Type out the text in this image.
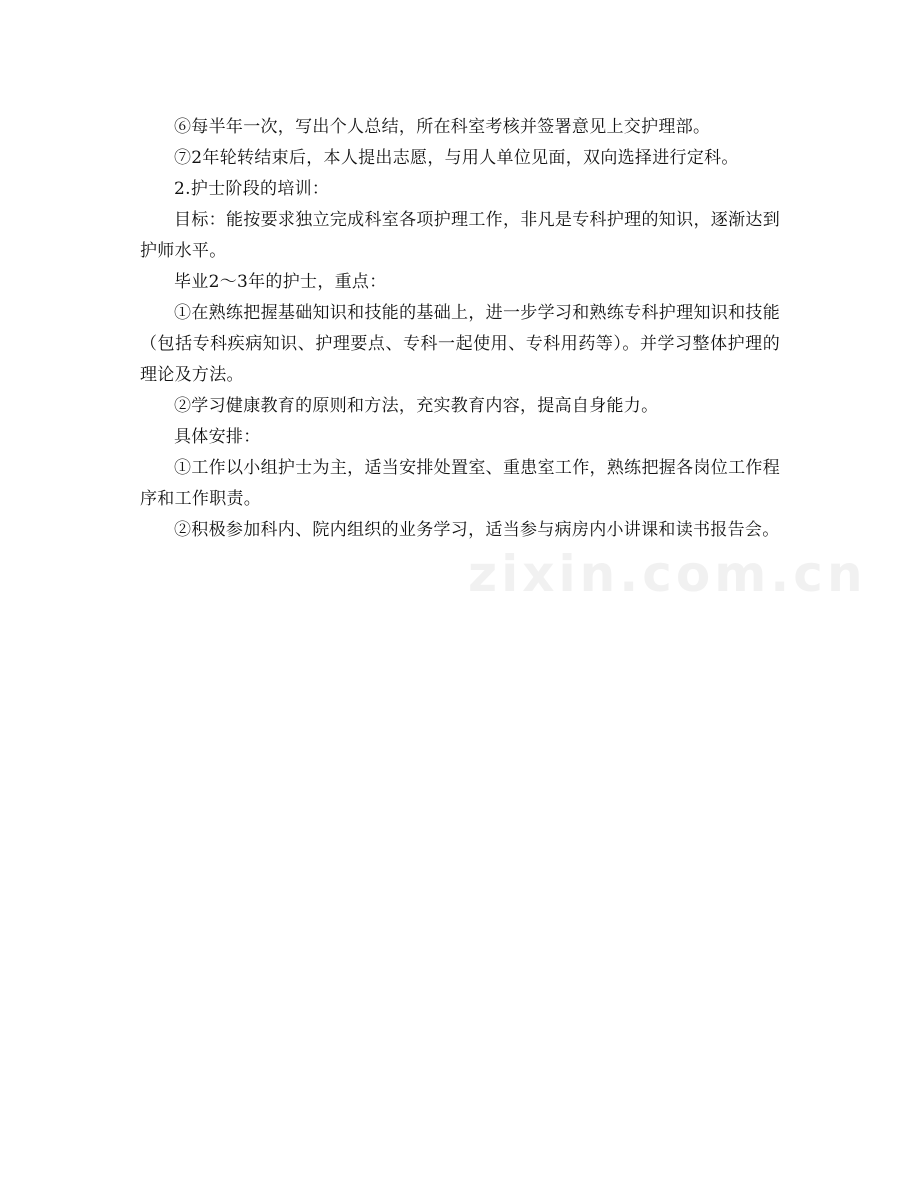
⑥每半年一次，写出个人总结，所在科室考核并签署意见上交护理部。

⑦2年轮转结束后，本人提出志愿，与用人单位见面，双向选择进行定科。

2.护士阶段的培训：

目标：能按要求独立完成科室各项护理工作，非凡是专科护理的知识，逐渐达到护师水平。

毕业2～3年的护士，重点：

①在熟练把握基础知识和技能的基础上，进一步学习和熟练专科护理知识和技能（包括专科疾病知识、护理要点、专科一起使用、专科用药等）。并学习整体护理的理论及方法。

②学习健康教育的原则和方法，充实教育内容，提高自身能力。

具体安排：

①工作以小组护士为主，适当安排处置室、重患室工作，熟练把握各岗位工作程序和工作职责。

②积极参加科内、院内组织的业务学习，适当参与病房内小讲课和读书报告会。

zixin.com.cn
